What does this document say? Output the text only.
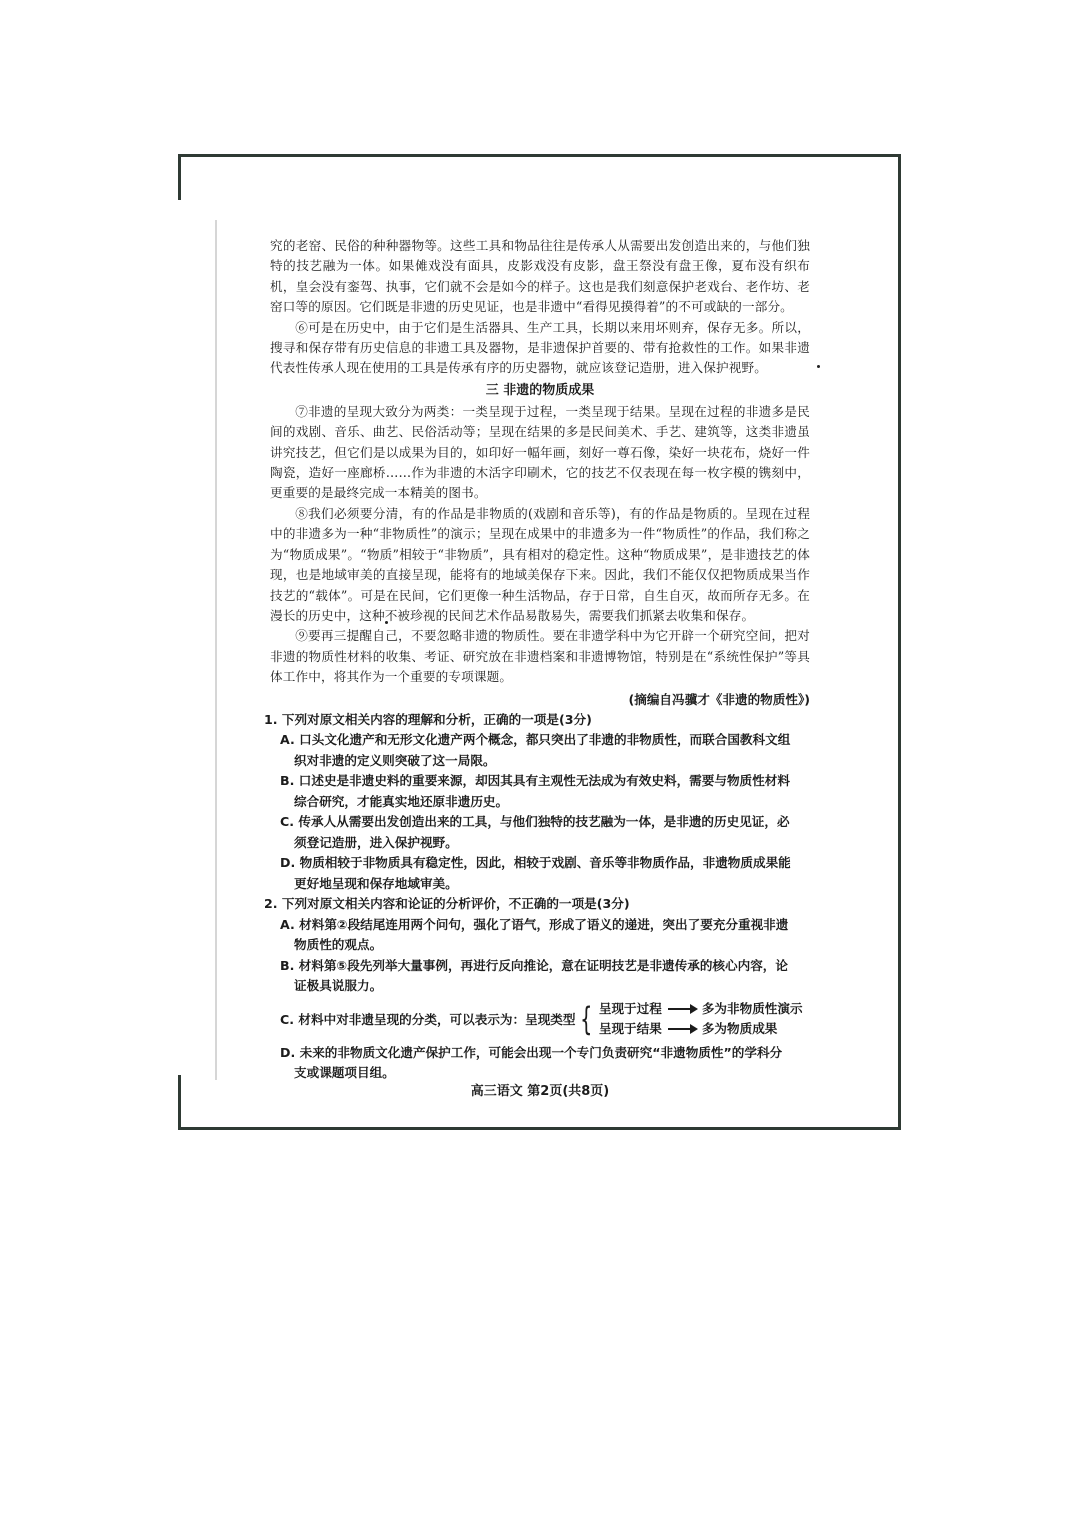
究的老窑、民俗的种种器物等。这些工具和物品往往是传承人从需要出发创造出来的，与他们独特的技艺融为一体。如果傩戏没有面具，皮影戏没有皮影，盘王祭没有盘王像，夏布没有织布机，皇会没有銮驾、执事，它们就不会是如今的样子。这也是我们刻意保护老戏台、老作坊、老窑口等的原因。它们既是非遗的历史见证，也是非遗中“看得见摸得着”的不可或缺的一部分。

⑥可是在历史中，由于它们是生活器具、生产工具，长期以来用坏则弃，保存无多。所以，搜寻和保存带有历史信息的非遗工具及器物，是非遗保护首要的、带有抢救性的工作。如果非遗代表性传承人现在使用的工具是传承有序的历史器物，就应该登记造册，进入保护视野。

三 非遗的物质成果

⑦非遗的呈现大致分为两类：一类呈现于过程，一类呈现于结果。呈现在过程的非遗多是民间的戏剧、音乐、曲艺、民俗活动等；呈现在结果的多是民间美术、手艺、建筑等，这类非遗虽讲究技艺，但它们是以成果为目的，如印好一幅年画，刻好一尊石像，染好一块花布，烧好一件陶瓷，造好一座廊桥……作为非遗的木活字印刷术，它的技艺不仅表现在每一枚字模的镌刻中，更重要的是最终完成一本精美的图书。

⑧我们必须要分清，有的作品是非物质的(戏剧和音乐等)，有的作品是物质的。呈现在过程中的非遗多为一种“非物质性”的演示；呈现在成果中的非遗多为一件“物质性”的作品，我们称之为“物质成果”。“物质”相较于“非物质”，具有相对的稳定性。这种“物质成果”，是非遗技艺的体现，也是地域审美的直接呈现，能将有的地域美保存下来。因此，我们不能仅仅把物质成果当作技艺的“载体”。可是在民间，它们更像一种生活物品，存于日常，自生自灭，故而所存无多。在漫长的历史中，这种不被珍视的民间艺术作品易散易失，需要我们抓紧去收集和保存。

⑨要再三提醒自己，不要忽略非遗的物质性。要在非遗学科中为它开辟一个研究空间，把对非遗的物质性材料的收集、考证、研究放在非遗档案和非遗博物馆，特别是在“系统性保护”等具体工作中，将其作为一个重要的专项课题。

(摘编自冯骥才《非遗的物质性》)

1. 下列对原文相关内容的理解和分析，正确的一项是(3分)

A. 口头文化遗产和无形文化遗产两个概念，都只突出了非遗的非物质性，而联合国教科文组
织对非遗的定义则突破了这一局限。

B. 口述史是非遗史料的重要来源，却因其具有主观性无法成为有效史料，需要与物质性材料
综合研究，才能真实地还原非遗历史。

C. 传承人从需要出发创造出来的工具，与他们独特的技艺融为一体，是非遗的历史见证，必
须登记造册，进入保护视野。

D. 物质相较于非物质具有稳定性，因此，相较于戏剧、音乐等非物质作品，非遗物质成果能
更好地呈现和保存地域审美。

2. 下列对原文相关内容和论证的分析评价，不正确的一项是(3分)

A. 材料第②段结尾连用两个问句，强化了语气，形成了语义的递进，突出了要充分重视非遗
物质性的观点。

B. 材料第⑤段先列举大量事例，再进行反向推论，意在证明技艺是非遗传承的核心内容，论
证极具说服力。

C. 材料中对非遗呈现的分类，可以表示为：呈现类型 { 呈现于过程	多为非物质性演示
呈现于结果	多为物质成果

D. 未来的非物质文化遗产保护工作，可能会出现一个专门负责研究“非遗物质性”的学科分
支或课题项目组。

高三语文 第2页(共8页)
